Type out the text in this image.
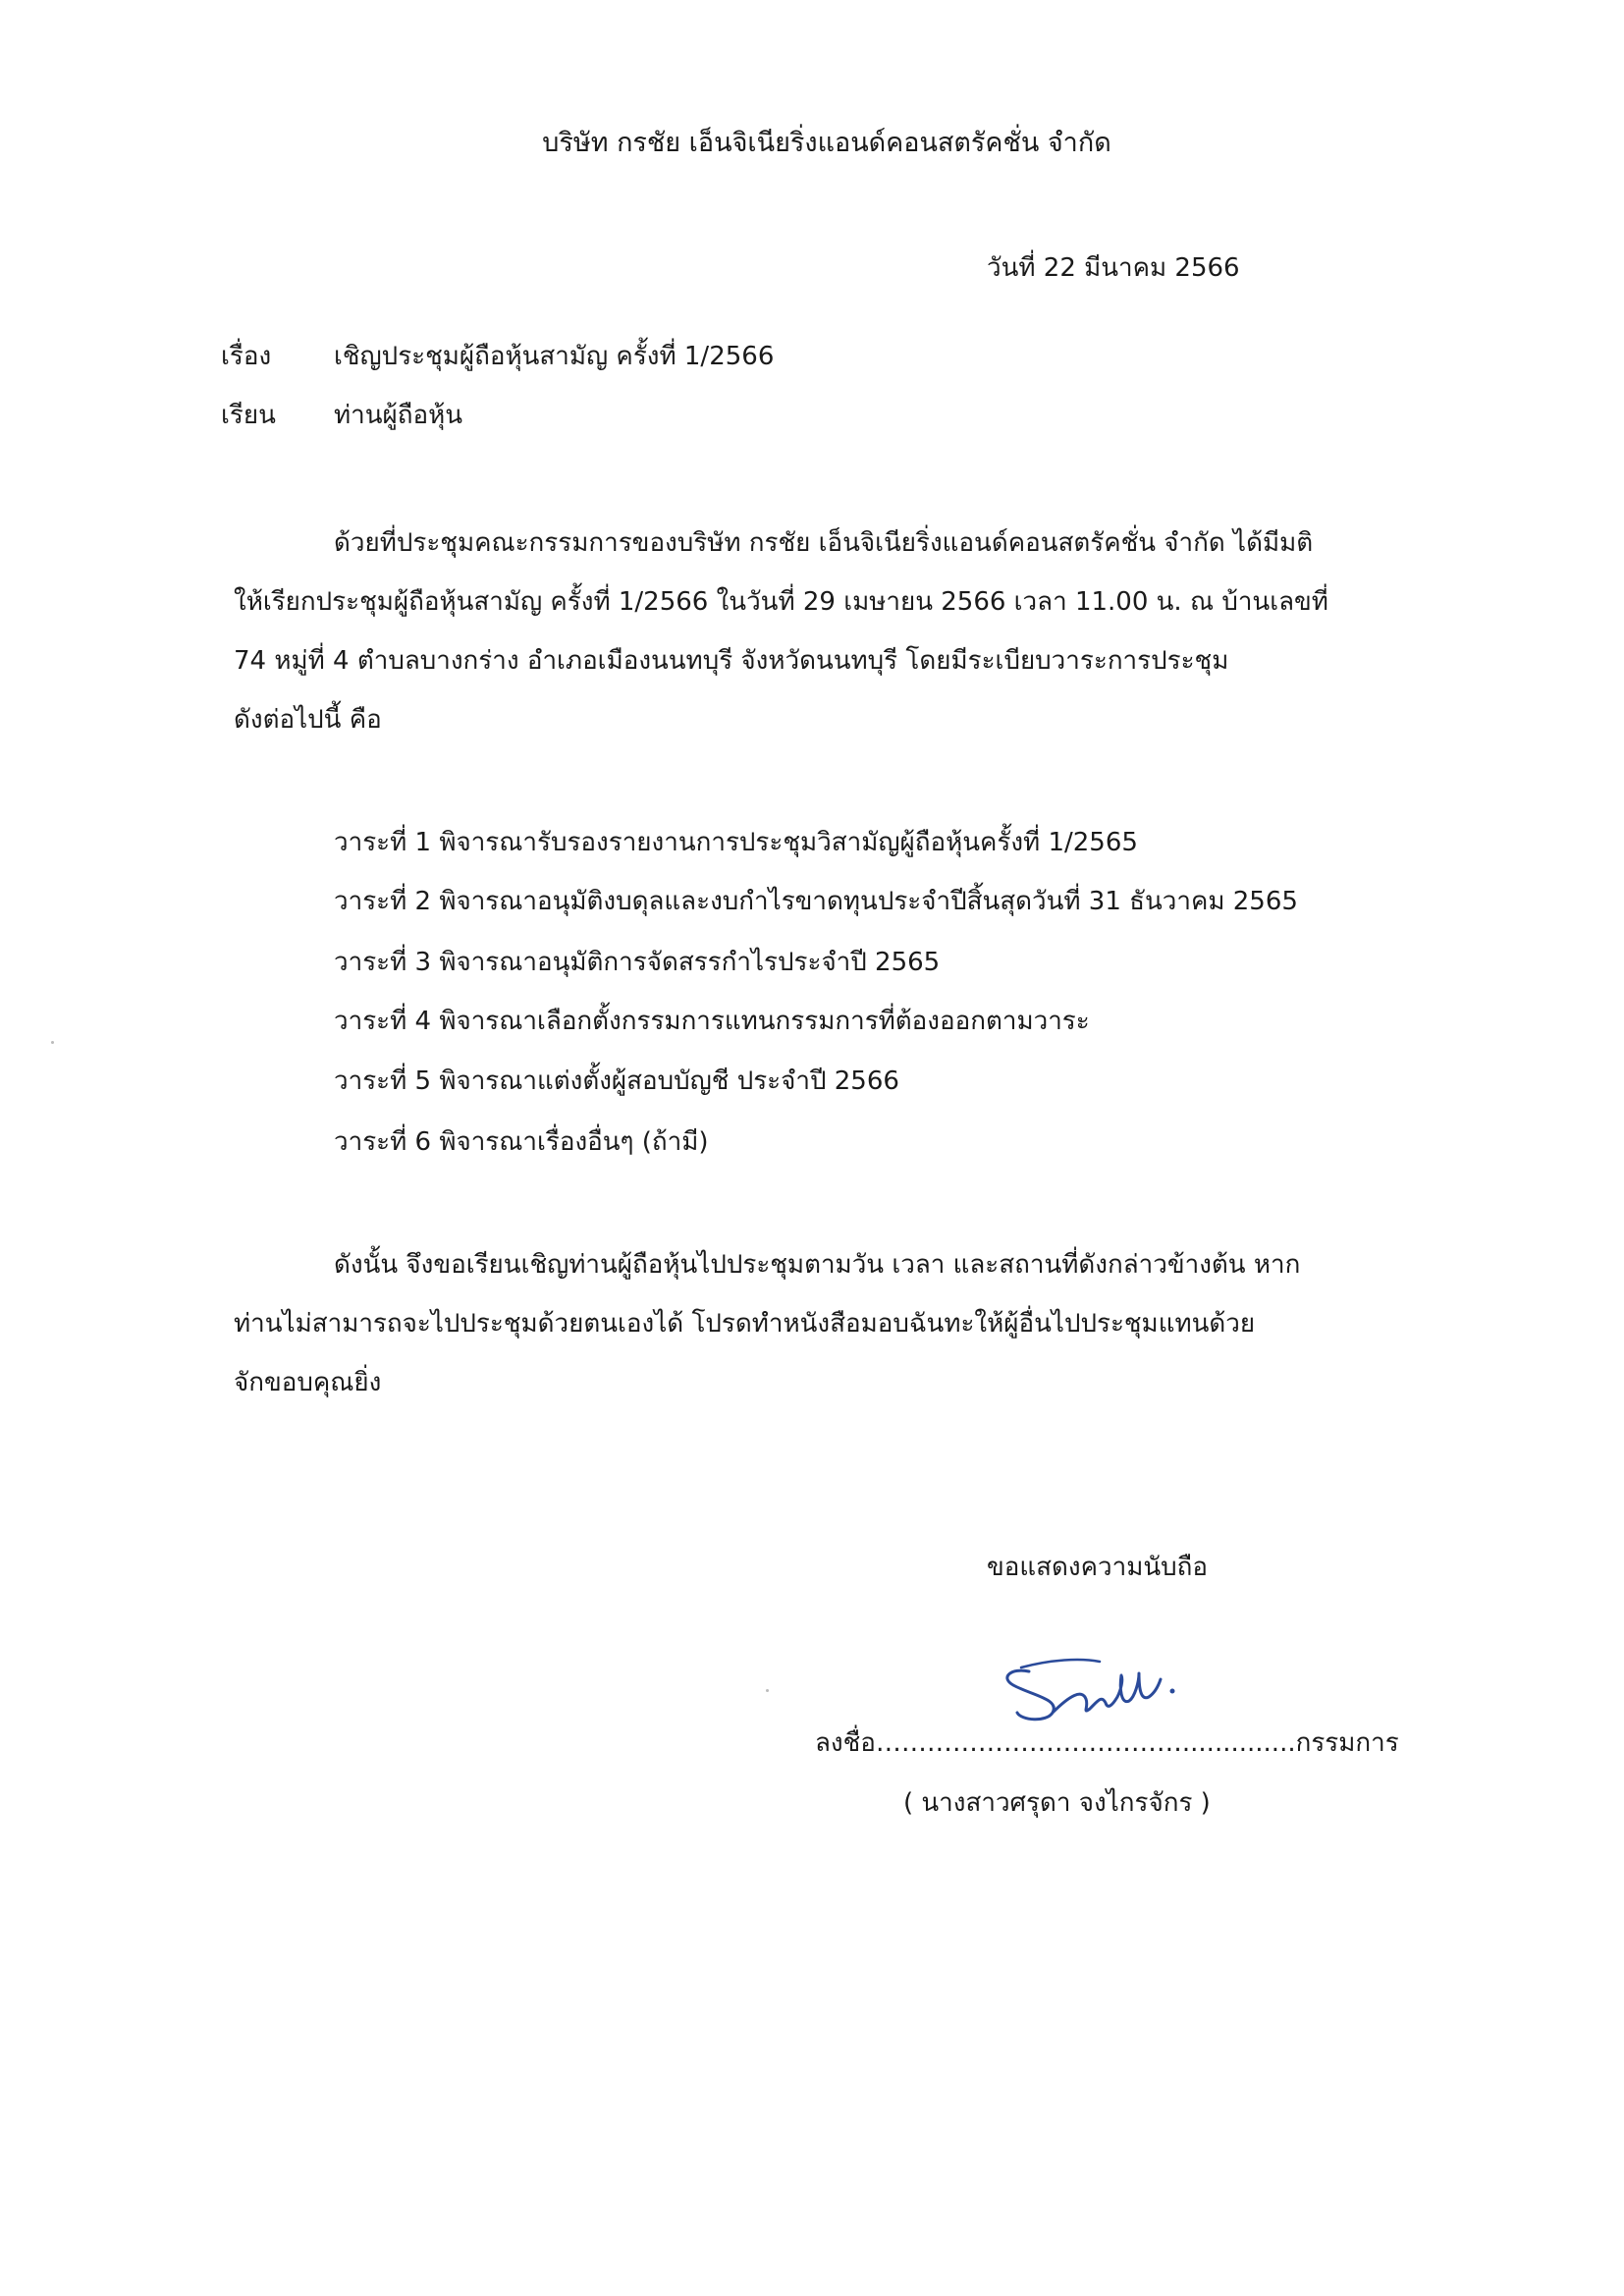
บริษัท กรชัย เอ็นจิเนียริ่งแอนด์คอนสตรัคชั่น จำกัด
วันที่ 22 มีนาคม 2566
เรื่อง เชิญประชุมผู้ถือหุ้นสามัญ ครั้งที่ 1/2566
เรียน ท่านผู้ถือหุ้น
ด้วยที่ประชุมคณะกรรมการของบริษัท กรชัย เอ็นจิเนียริ่งแอนด์คอนสตรัคชั่น จำกัด ได้มีมติ
ให้เรียกประชุมผู้ถือหุ้นสามัญ ครั้งที่ 1/2566 ในวันที่ 29 เมษายน 2566 เวลา 11.00 น. ณ บ้านเลขที่
74 หมู่ที่ 4 ตำบลบางกร่าง อำเภอเมืองนนทบุรี จังหวัดนนทบุรี โดยมีระเบียบวาระการประชุม
ดังต่อไปนี้ คือ
วาระที่ 1 พิจารณารับรองรายงานการประชุมวิสามัญผู้ถือหุ้นครั้งที่ 1/2565
วาระที่ 2 พิจารณาอนุมัติงบดุลและงบกำไรขาดทุนประจำปีสิ้นสุดวันที่ 31 ธันวาคม 2565
วาระที่ 3 พิจารณาอนุมัติการจัดสรรกำไรประจำปี 2565
วาระที่ 4 พิจารณาเลือกตั้งกรรมการแทนกรรมการที่ต้องออกตามวาระ
วาระที่ 5 พิจารณาแต่งตั้งผู้สอบบัญชี ประจำปี 2566
วาระที่ 6 พิจารณาเรื่องอื่นๆ (ถ้ามี)
ดังนั้น จึงขอเรียนเชิญท่านผู้ถือหุ้นไปประชุมตามวัน เวลา และสถานที่ดังกล่าวข้างต้น หาก
ท่านไม่สามารถจะไปประชุมด้วยตนเองได้ โปรดทำหนังสือมอบฉันทะให้ผู้อื่นไปประชุมแทนด้วย
จักขอบคุณยิ่ง
ขอแสดงความนับถือ
ลงชื่อ………………………………..............กรรมการ
( นางสาวศรุดา จงไกรจักร )
